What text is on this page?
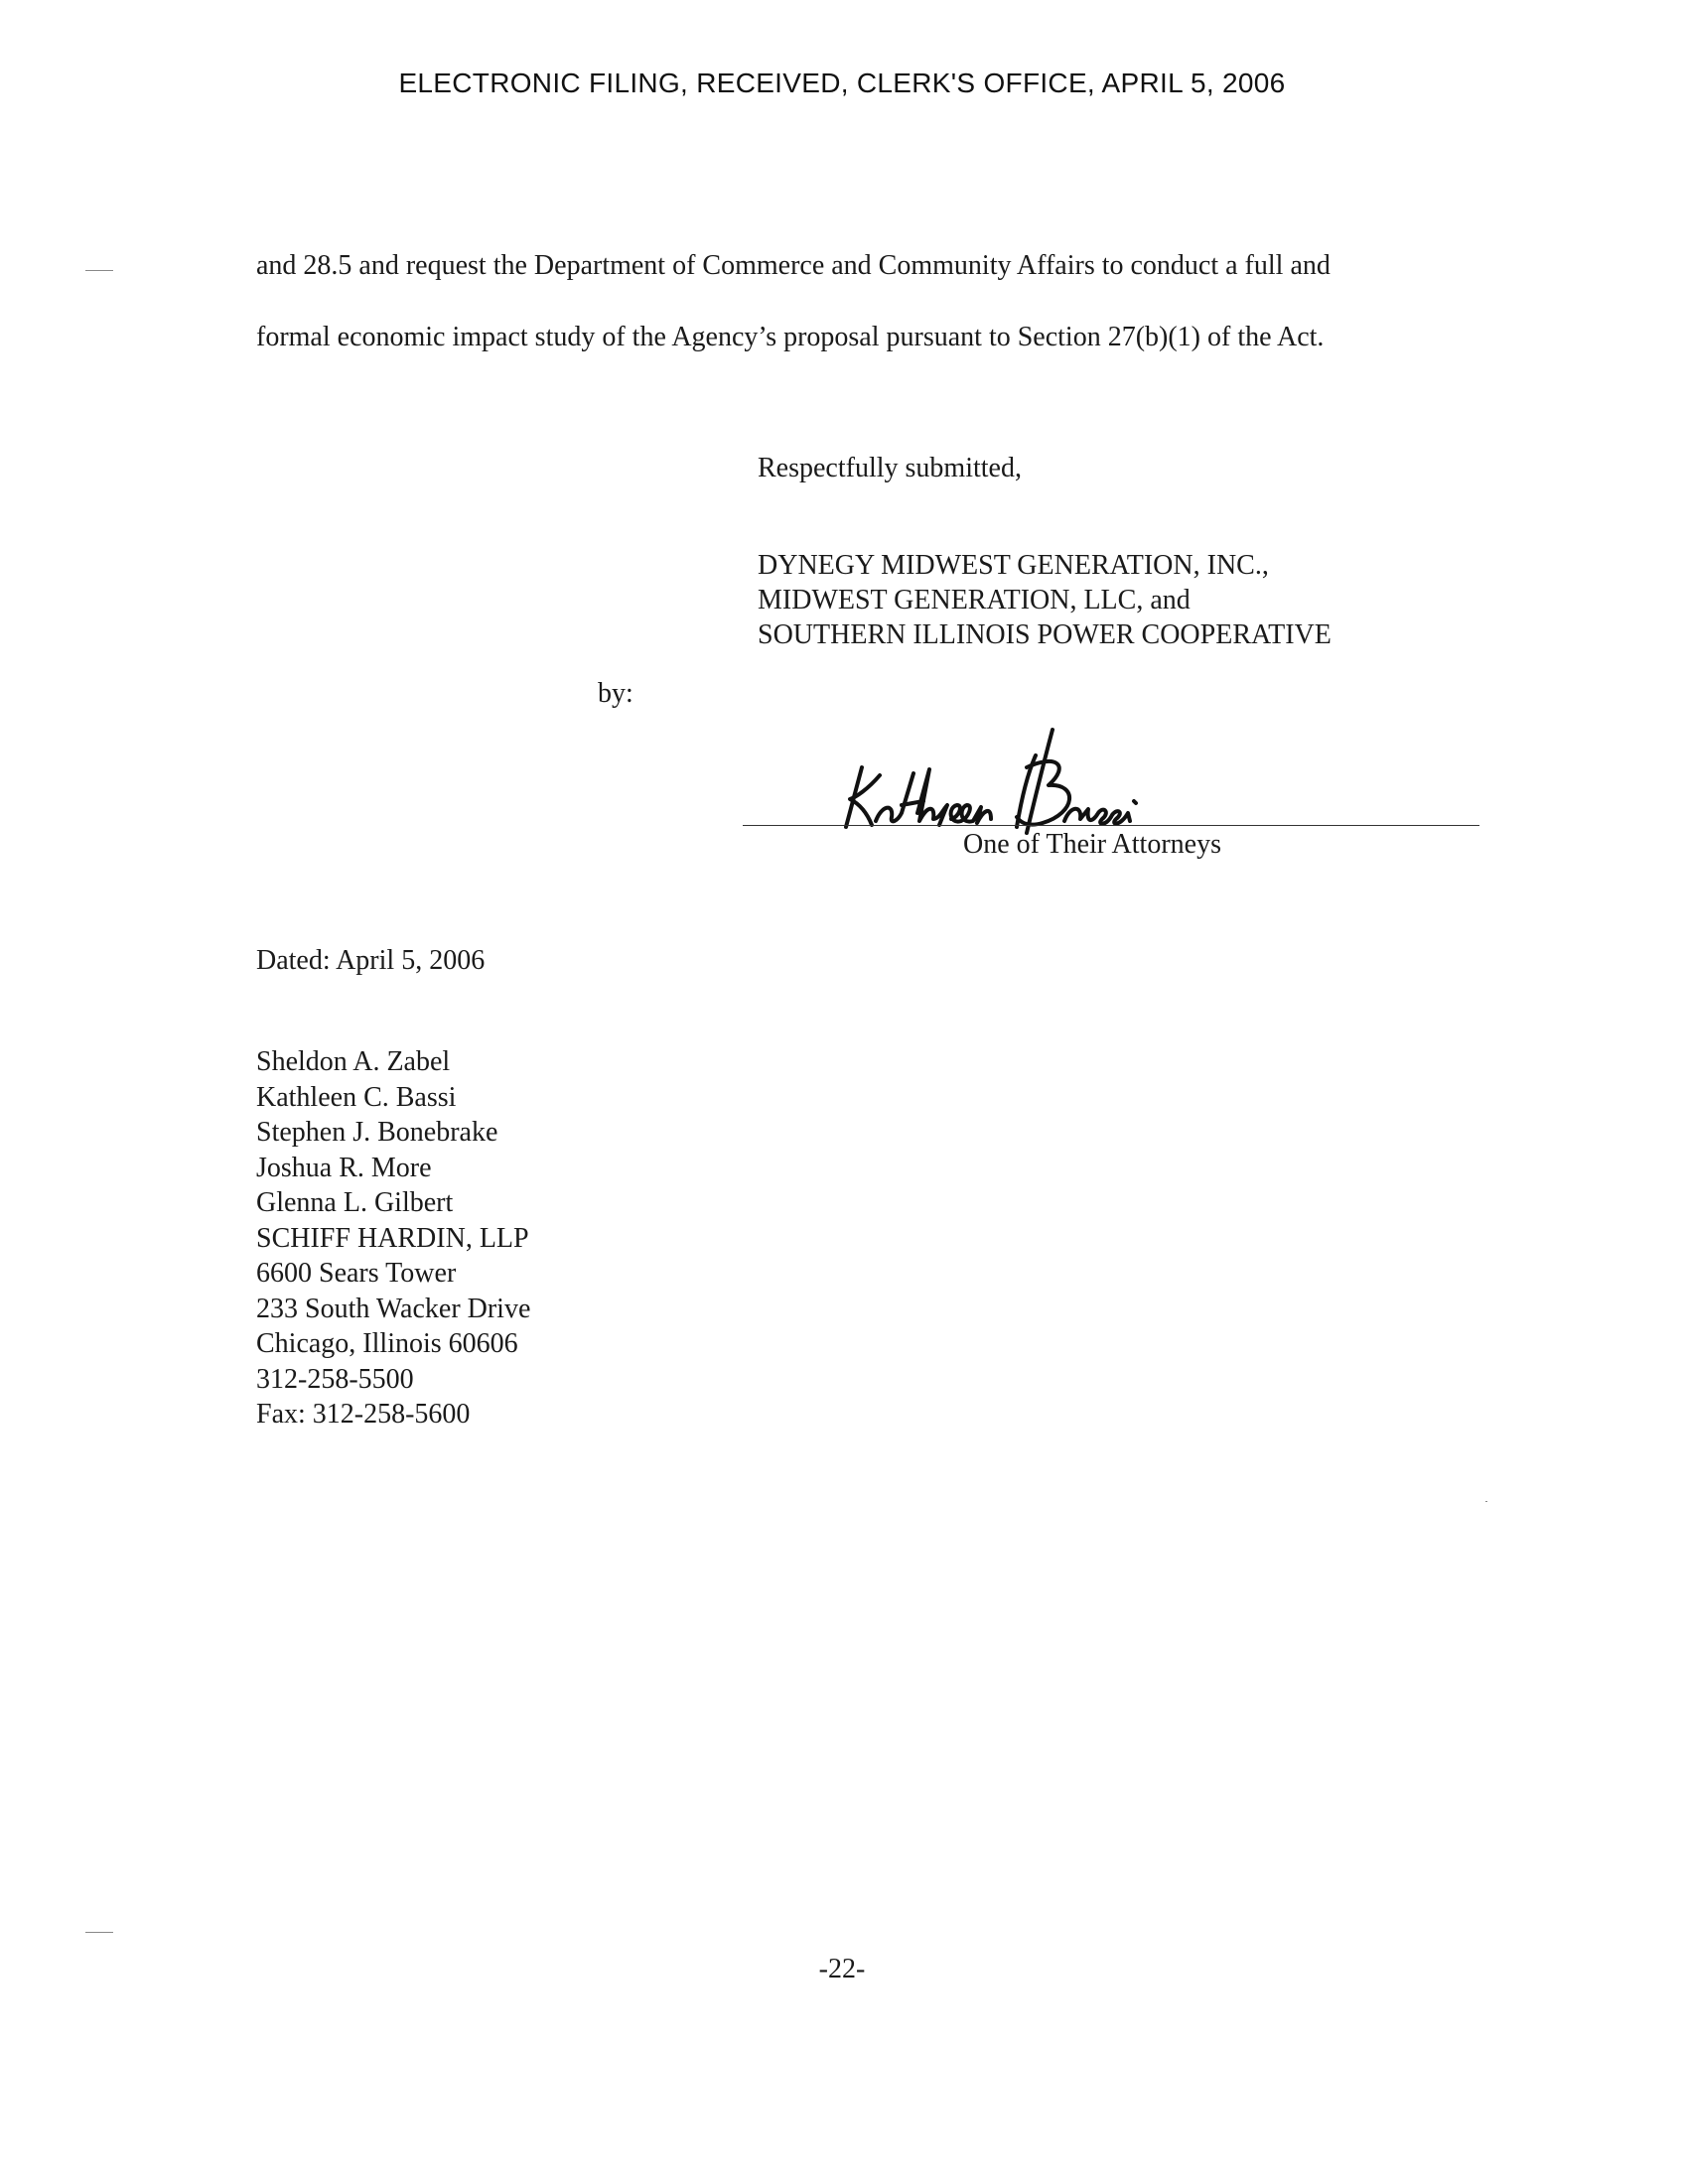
ELECTRONIC FILING, RECEIVED, CLERK'S OFFICE, APRIL 5, 2006
and 28.5 and request the Department of Commerce and Community Affairs to conduct a full and
formal economic impact study of the Agency’s proposal pursuant to Section 27(b)(1) of the Act.
Respectfully submitted,
DYNEGY MIDWEST GENERATION, INC.,
MIDWEST GENERATION, LLC, and
SOUTHERN ILLINOIS POWER COOPERATIVE
by:
One of Their Attorneys
Dated: April 5, 2006
Sheldon A. Zabel
Kathleen C. Bassi
Stephen J. Bonebrake
Joshua R. More
Glenna L. Gilbert
SCHIFF HARDIN, LLP
6600 Sears Tower
233 South Wacker Drive
Chicago, Illinois 60606
312-258-5500
Fax: 312-258-5600
-22-
